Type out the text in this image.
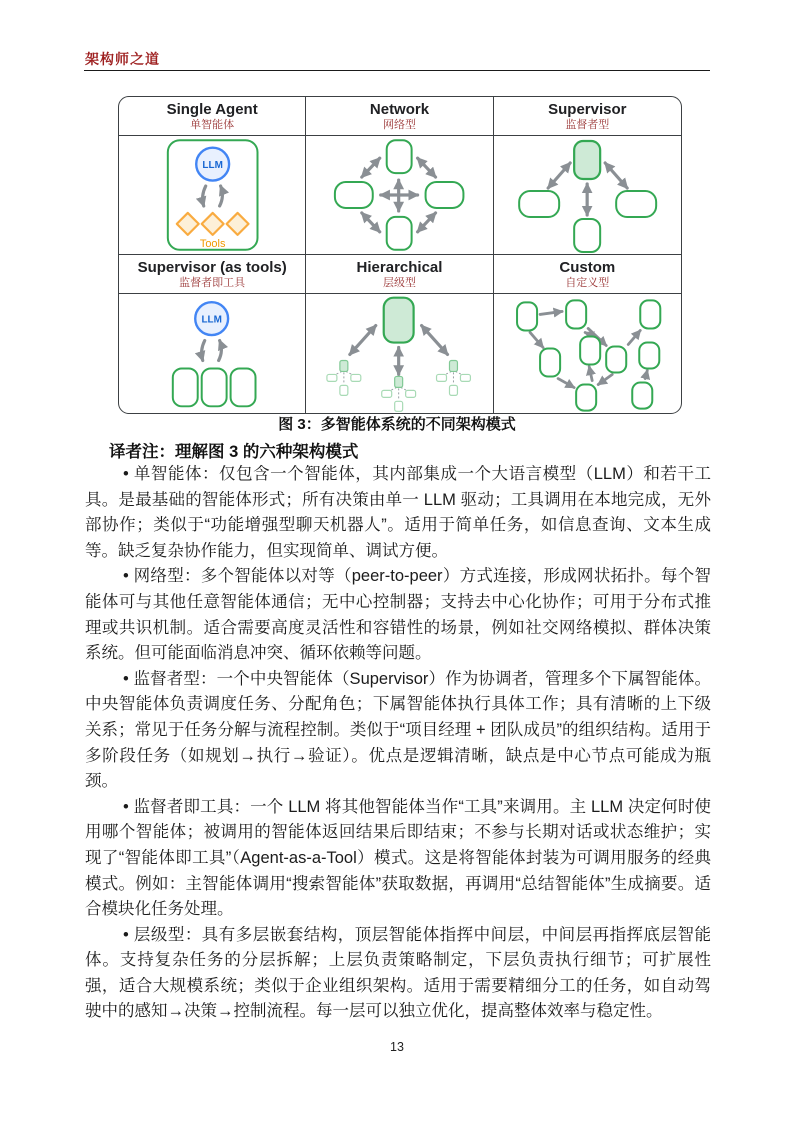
架构师之道
Single Agent
单智能体
LLM
Tools
Network
网络型
Supervisor
监督者型
Supervisor (as tools)
监督者即工具
LLM
Hierarchical
层级型
Custom
自定义型
图 3：多智能体系统的不同架构模式
译者注：理解图 3 的六种架构模式

• 单智能体：仅包含一个智能体，其内部集成一个大语言模型（LLM）和若干工具。是最基础的智能体形式；所有决策由单一 LLM 驱动；工具调用在本地完成，无外部协作；类似于“功能增强型聊天机器人”。适用于简单任务，如信息查询、文本生成等。缺乏复杂协作能力，但实现简单、调试方便。

• 网络型：多个智能体以对等（peer-to-peer）方式连接，形成网状拓扑。每个智能体可与其他任意智能体通信；无中心控制器；支持去中心化协作；可用于分布式推理或共识机制。适合需要高度灵活性和容错性的场景，例如社交网络模拟、群体决策系统。但可能面临消息冲突、循环依赖等问题。

• 监督者型：一个中央智能体（Supervisor）作为协调者，管理多个下属智能体。中央智能体负责调度任务、分配角色；下属智能体执行具体工作；具有清晰的上下级关系；常见于任务分解与流程控制。类似于“项目经理 + 团队成员”的组织结构。适用于多阶段任务（如规划→执行→验证）。优点是逻辑清晰，缺点是中心节点可能成为瓶颈。

• 监督者即工具：一个 LLM 将其他智能体当作“工具”来调用。主 LLM 决定何时使用哪个智能体；被调用的智能体返回结果后即结束；不参与长期对话或状态维护；实现了“智能体即工具”（Agent-as-a-Tool）模式。这是将智能体封装为可调用服务的经典模式。例如：主智能体调用“搜索智能体”获取数据，再调用“总结智能体”生成摘要。适合模块化任务处理。

• 层级型：具有多层嵌套结构，顶层智能体指挥中间层，中间层再指挥底层智能体。支持复杂任务的分层拆解；上层负责策略制定，下层负责执行细节；可扩展性强，适合大规模系统；类似于企业组织架构。适用于需要精细分工的任务，如自动驾驶中的感知→决策→控制流程。每一层可以独立优化，提高整体效率与稳定性。

13
